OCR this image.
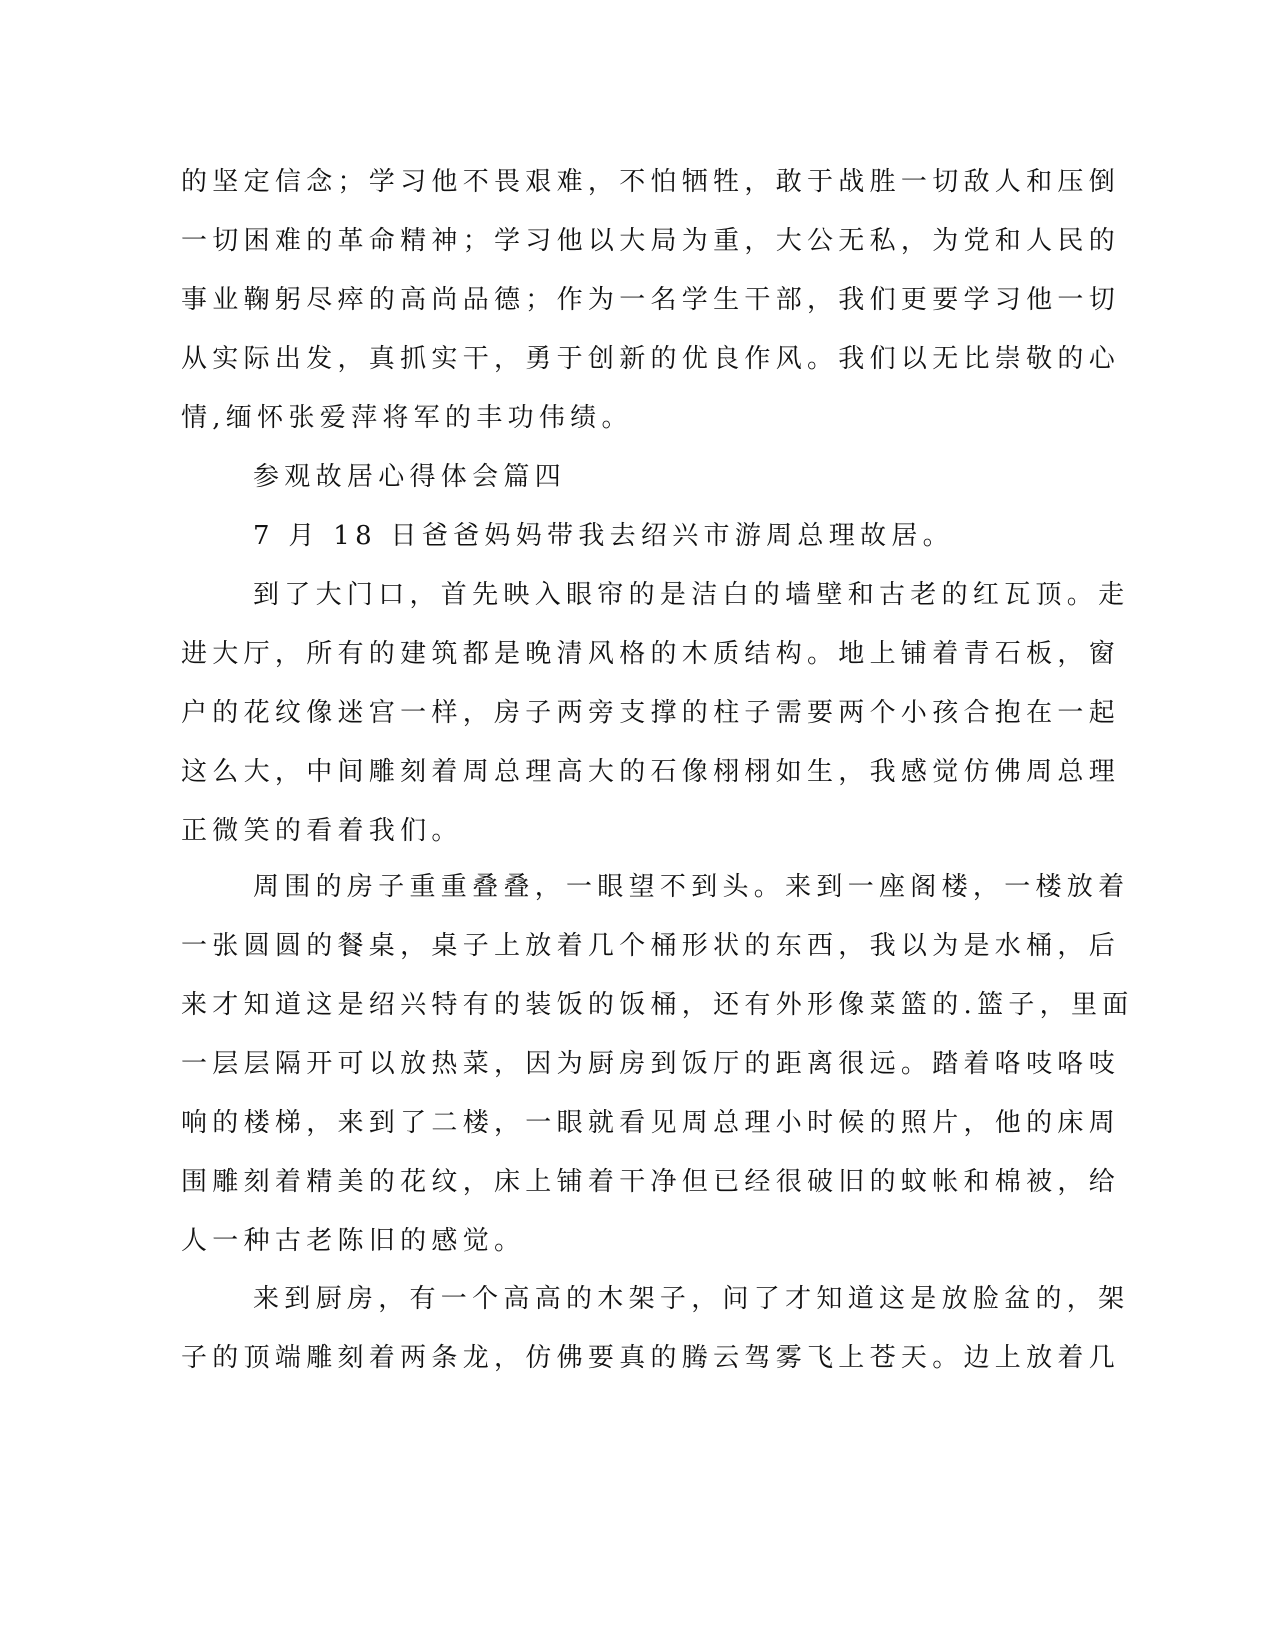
的坚定信念；学习他不畏艰难，不怕牺牲，敢于战胜一切敌人和压倒
一切困难的革命精神；学习他以大局为重，大公无私，为党和人民的
事业鞠躬尽瘁的高尚品德；作为一名学生干部，我们更要学习他一切
从实际出发，真抓实干，勇于创新的优良作风。我们以无比崇敬的心
情,缅怀张爱萍将军的丰功伟绩。
参观故居心得体会篇四
7 月 18 日爸爸妈妈带我去绍兴市游周总理故居。
到了大门口，首先映入眼帘的是洁白的墙壁和古老的红瓦顶。走
进大厅，所有的建筑都是晚清风格的木质结构。地上铺着青石板，窗
户的花纹像迷宫一样，房子两旁支撑的柱子需要两个小孩合抱在一起
这么大，中间雕刻着周总理高大的石像栩栩如生，我感觉仿佛周总理
正微笑的看着我们。
周围的房子重重叠叠，一眼望不到头。来到一座阁楼，一楼放着
一张圆圆的餐桌，桌子上放着几个桶形状的东西，我以为是水桶，后
来才知道这是绍兴特有的装饭的饭桶，还有外形像菜篮的.篮子，里面
一层层隔开可以放热菜，因为厨房到饭厅的距离很远。踏着咯吱咯吱
响的楼梯，来到了二楼，一眼就看见周总理小时候的照片，他的床周
围雕刻着精美的花纹，床上铺着干净但已经很破旧的蚊帐和棉被，给
人一种古老陈旧的感觉。
来到厨房，有一个高高的木架子，问了才知道这是放脸盆的，架
子的顶端雕刻着两条龙，仿佛要真的腾云驾雾飞上苍天。边上放着几
